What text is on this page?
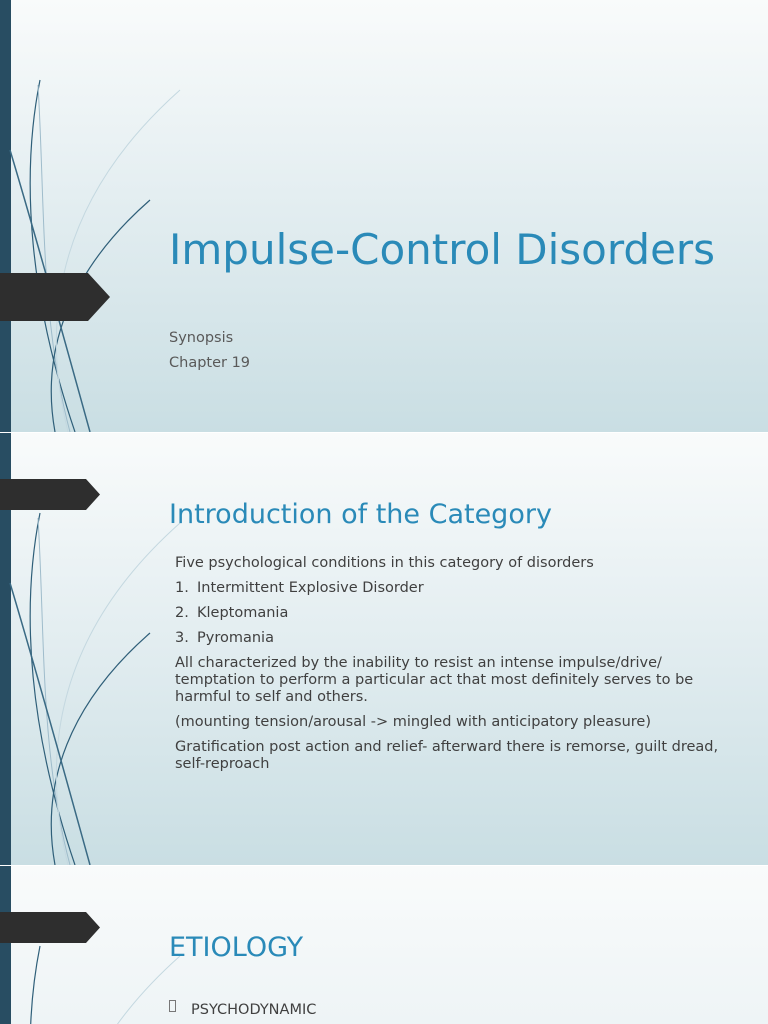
Impulse-Control Disorders
Synopsis
Chapter 19
Introduction of the Category

Five psychological conditions in this category of disorders

1. Intermittent Explosive Disorder

2. Kleptomania

3. Pyromania

All characterized by the inability to resist an intense impulse/drive/ temptation to perform a particular act that most definitely serves to be harmful to self and others.

(mounting tension/arousal -> mingled with anticipatory pleasure)

Gratification post action and relief- afterward there is remorse, guilt dread, self-reproach

ETIOLOGY
PSYCHODYNAMIC
